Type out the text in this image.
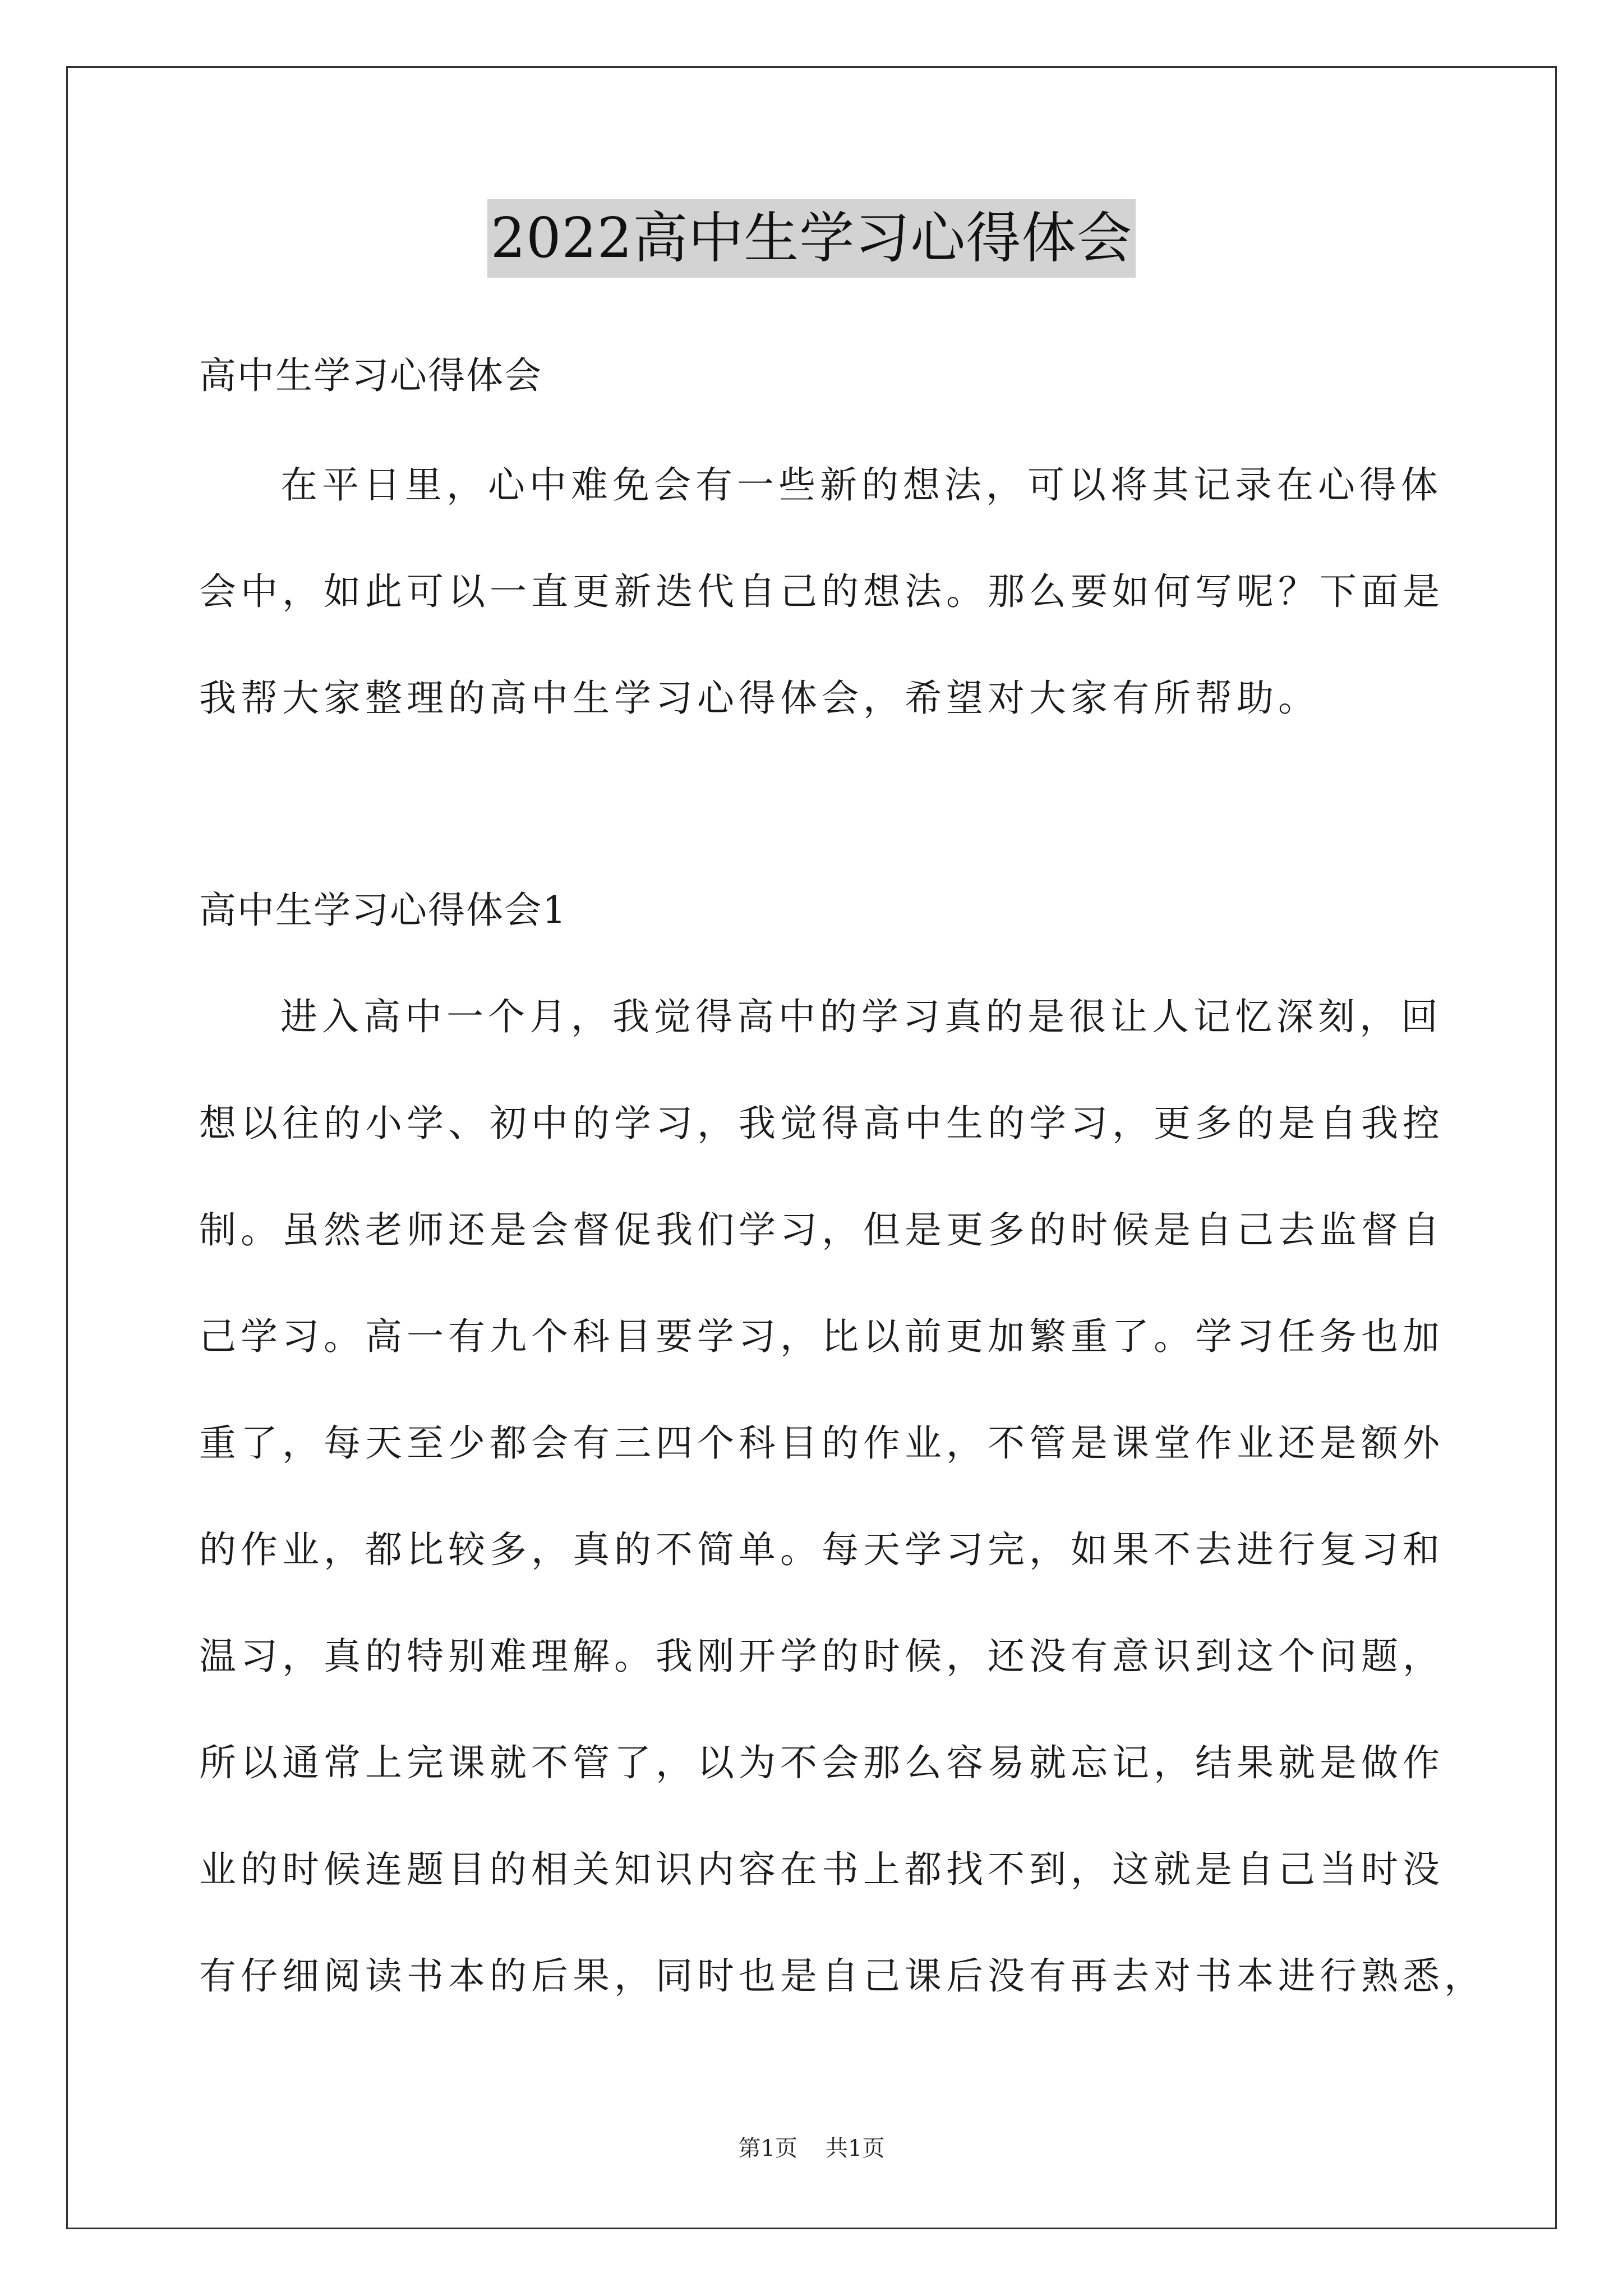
2022高中生学习心得体会
高中生学习心得体会
在平日里，心中难免会有一些新的想法，可以将其记录在心得体
会中，如此可以一直更新迭代自己的想法。那么要如何写呢？下面是
我帮大家整理的高中生学习心得体会，希望对大家有所帮助。
高中生学习心得体会1
进入高中一个月，我觉得高中的学习真的是很让人记忆深刻，回
想以往的小学、初中的学习，我觉得高中生的学习，更多的是自我控
制。虽然老师还是会督促我们学习，但是更多的时候是自己去监督自
己学习。高一有九个科目要学习，比以前更加繁重了。学习任务也加
重了，每天至少都会有三四个科目的作业，不管是课堂作业还是额外
的作业，都比较多，真的不简单。每天学习完，如果不去进行复习和
温习，真的特别难理解。我刚开学的时候，还没有意识到这个问题，
所以通常上完课就不管了，以为不会那么容易就忘记，结果就是做作
业的时候连题目的相关知识内容在书上都找不到，这就是自己当时没
有仔细阅读书本的后果，同时也是自己课后没有再去对书本进行熟悉，
第1页 共1页
